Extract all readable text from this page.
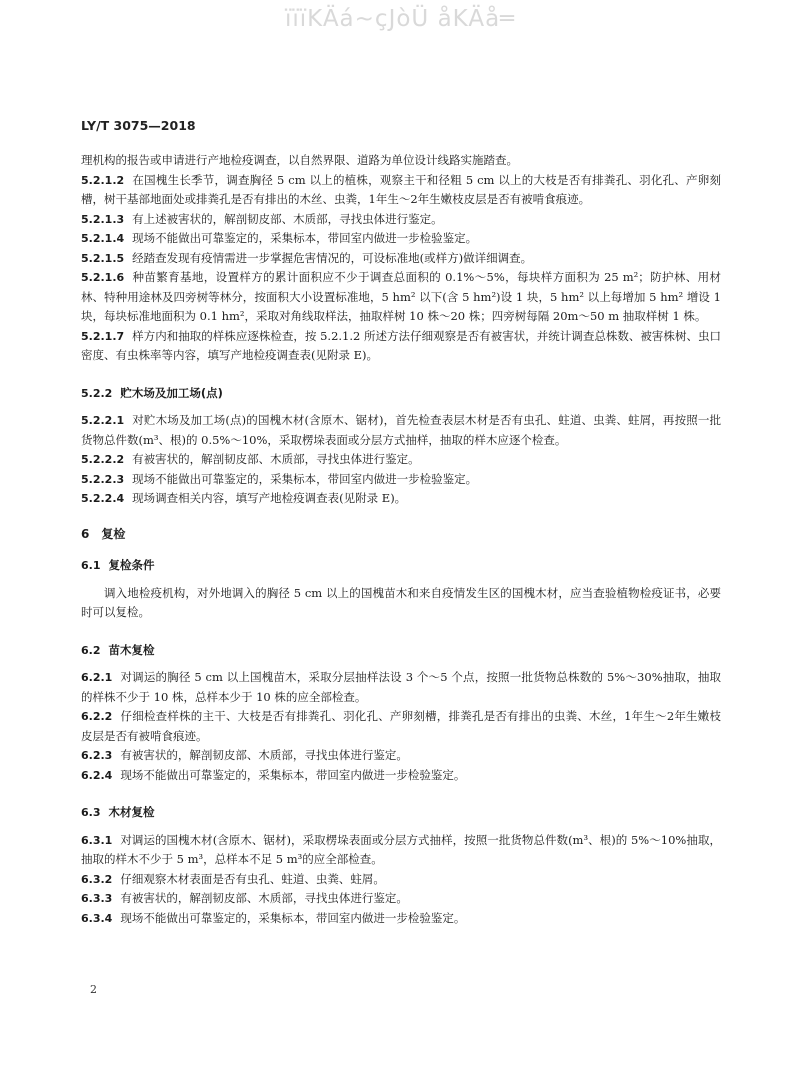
ïïïKÄá~çJòÜ åKÄå═
LY/T 3075—2018

理机构的报告或申请进行产地检疫调查，以自然界限、道路为单位设计线路实施踏查。

5.2.1.2 在国槐生长季节，调查胸径 5 cm 以上的植株，观察主干和径粗 5 cm 以上的大枝是否有排粪孔、羽化孔、产卵刻槽，树干基部地面处或排粪孔是否有排出的木丝、虫粪，1年生～2年生嫩枝皮层是否有被啃食痕迹。

5.2.1.3 有上述被害状的，解剖韧皮部、木质部，寻找虫体进行鉴定。

5.2.1.4 现场不能做出可靠鉴定的，采集标本，带回室内做进一步检验鉴定。

5.2.1.5 经踏查发现有疫情需进一步掌握危害情况的，可设标准地(或样方)做详细调查。

5.2.1.6 种苗繁育基地，设置样方的累计面积应不少于调查总面积的 0.1%～5%，每块样方面积为 25 m²；防护林、用材林、特种用途林及四旁树等林分，按面积大小设置标准地，5 hm² 以下(含 5 hm²)设 1 块，5 hm² 以上每增加 5 hm² 增设 1 块，每块标准地面积为 0.1 hm²，采取对角线取样法，抽取样树 10 株～20 株；四旁树每隔 20m～50 m 抽取样树 1 株。

5.2.1.7 样方内和抽取的样株应逐株检查，按 5.2.1.2 所述方法仔细观察是否有被害状，并统计调查总株数、被害株树、虫口密度、有虫株率等内容，填写产地检疫调查表(见附录 E)。

5.2.2 贮木场及加工场(点)

5.2.2.1 对贮木场及加工场(点)的国槐木材(含原木、锯材)，首先检查表层木材是否有虫孔、蛀道、虫粪、蛀屑，再按照一批货物总件数(m³、根)的 0.5%～10%，采取楞垛表面或分层方式抽样，抽取的样木应逐个检查。

5.2.2.2 有被害状的，解剖韧皮部、木质部，寻找虫体进行鉴定。

5.2.2.3 现场不能做出可靠鉴定的，采集标本，带回室内做进一步检验鉴定。

5.2.2.4 现场调查相关内容，填写产地检疫调查表(见附录 E)。

6 复检
6.1 复检条件

调入地检疫机构，对外地调入的胸径 5 cm 以上的国槐苗木和来自疫情发生区的国槐木材，应当查验植物检疫证书，必要时可以复检。

6.2 苗木复检

6.2.1 对调运的胸径 5 cm 以上国槐苗木，采取分层抽样法设 3 个～5 个点，按照一批货物总株数的 5%～30%抽取，抽取的样株不少于 10 株，总样本少于 10 株的应全部检查。

6.2.2 仔细检查样株的主干、大枝是否有排粪孔、羽化孔、产卵刻槽，排粪孔是否有排出的虫粪、木丝，1年生～2年生嫩枝皮层是否有被啃食痕迹。

6.2.3 有被害状的，解剖韧皮部、木质部，寻找虫体进行鉴定。

6.2.4 现场不能做出可靠鉴定的，采集标本，带回室内做进一步检验鉴定。

6.3 木材复检

6.3.1 对调运的国槐木材(含原木、锯材)，采取楞垛表面或分层方式抽样，按照一批货物总件数(m³、根)的 5%～10%抽取，抽取的样木不少于 5 m³，总样本不足 5 m³的应全部检查。

6.3.2 仔细观察木材表面是否有虫孔、蛀道、虫粪、蛀屑。

6.3.3 有被害状的，解剖韧皮部、木质部，寻找虫体进行鉴定。

6.3.4 现场不能做出可靠鉴定的，采集标本，带回室内做进一步检验鉴定。

2
